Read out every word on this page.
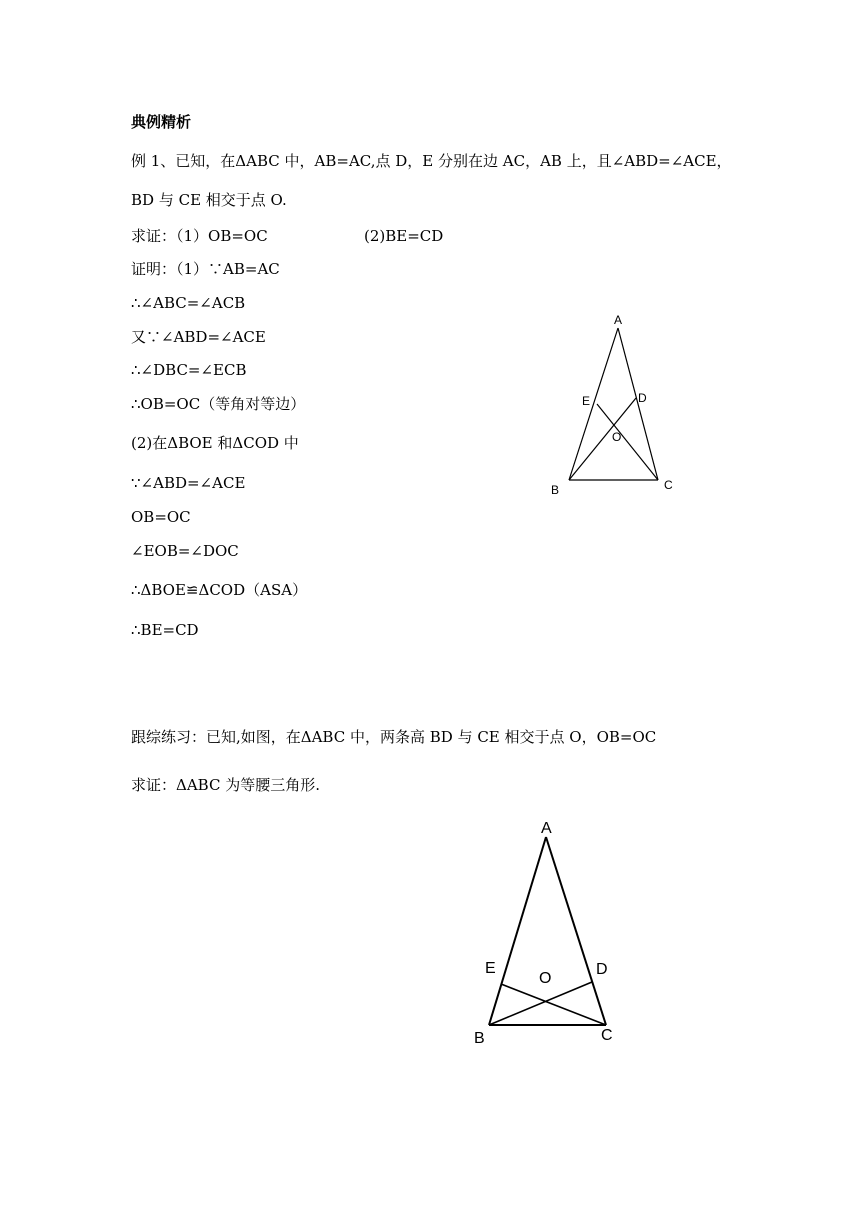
典例精析
例 1、已知，在ΔABC 中，AB=AC,点 D，E 分别在边 AC，AB 上，且∠ABD=∠ACE，
BD 与 CE 相交于点 O.
求证：（1）OB=OC	(2)BE=CD
证明：（1）∵AB=AC
∴∠ABC=∠ACB
又∵∠ABD=∠ACE
∴∠DBC=∠ECB
∴OB=OC（等角对等边）
(2)在ΔBOE 和ΔCOD 中
∵∠ABD=∠ACE
OB=OC
∠EOB=∠DOC
∴ΔBOE≌ΔCOD（ASA）
∴BE=CD
A
B	C
D
E
O
跟综练习：已知,如图，在ΔABC 中，两条高 BD 与 CE 相交于点 O，OB=OC
求证：ΔABC 为等腰三角形.
A
B	C
D
E
O
